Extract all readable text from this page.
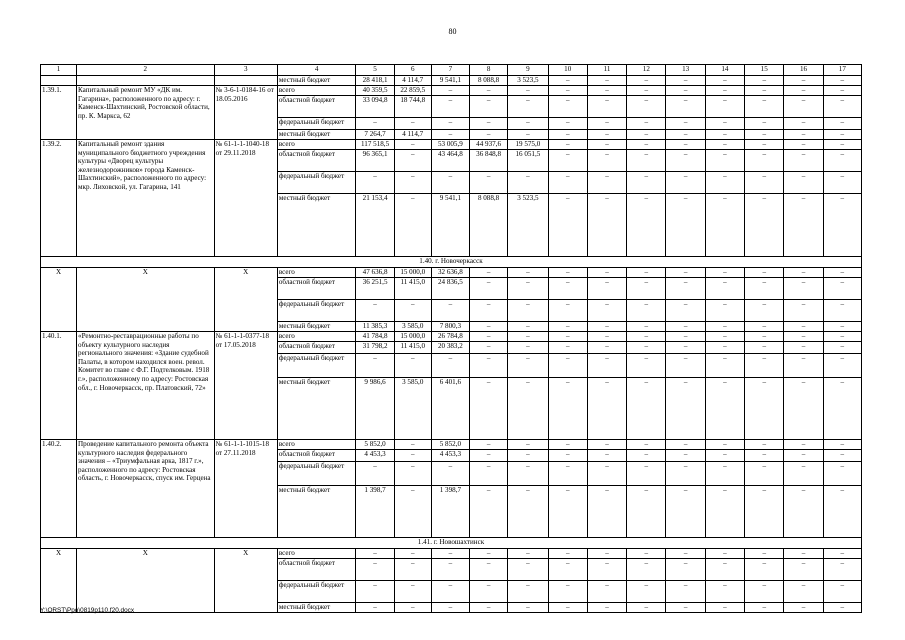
80
1	2	3	4	5	6	7	8	9	10	11	12	13	14	15	16	17
			местный бюджет	28 418,1	4 114,7	9 541,1	8 088,8	3 523,5	–	–	–	–	–	–	–	–
1.39.1.	Капитальный ремонт МУ «ДК им. Гагарина», расположенного по адресу: г. Каменск-Шахтинский, Ростовской области, пр. К. Маркса, 62	№ 3-6-1-0184-16 от 18.05.2016	всего	40 359,5	22 859,5	–	–	–	–	–	–	–	–	–	–	–
			областной бюджет	33 094,8	18 744,8	–	–	–	–	–	–	–	–	–	–	–
			федеральный бюджет	–	–	–	–	–	–	–	–	–	–	–	–	–
			местный бюджет	7 264,7	4 114,7	–	–	–	–	–	–	–	–	–	–	–
1.39.2.	Капитальный ремонт здания муниципального бюджетного учреждения культуры «Дворец культуры железнодорожников» города Каменск-Шахтинский», расположенного по адресу: мкр. Лиховской, ул. Гагарина, 141	№ 61-1-1-1040-18 от 29.11.2018	всего	117 518,5	–	53 005,9	44 937,6	19 575,0	–	–	–	–	–	–	–	–
			областной бюджет	96 365,1	–	43 464,8	36 848,8	16 051,5	–	–	–	–	–	–	–	–
			федеральный бюджет	–	–	–	–	–	–	–	–	–	–	–	–	–
			местный бюджет	21 153,4	–	9 541,1	8 088,8	3 523,5	–	–	–	–	–	–	–	–
1.40. г. Новочеркасск																
Х	Х	Х	всего	47 636,8	15 000,0	32 636,8	–	–	–	–	–	–	–	–	–	–
			областной бюджет	36 251,5	11 415,0	24 836,5	–	–	–	–	–	–	–	–	–	–
			федеральный бюджет	–	–	–	–	–	–	–	–	–	–	–	–	–
			местный бюджет	11 385,3	3 585,0	7 800,3	–	–	–	–	–	–	–	–	–	–
1.40.1.	«Ремонтно-реставрационные работы по объекту культурного наследия регионального значения: «Здание судебной Палаты, в котором находился воен. револ. Комитет во главе с Ф.Г. Подтелковым. 1918 г.», расположенному по адресу: Ростовская обл., г. Новочеркасск, пр. Платовский, 72»	№ 61-1-1-0377-18 от 17.05.2018	всего	41 784,8	15 000,0	26 784,8	–	–	–	–	–	–	–	–	–	–
			областной бюджет	31 798,2	11 415,0	20 383,2	–	–	–	–	–	–	–	–	–	–
			федеральный бюджет	–	–	–	–	–	–	–	–	–	–	–	–	–
			местный бюджет	9 986,6	3 585,0	6 401,6	–	–	–	–	–	–	–	–	–	–
1.40.2.	Проведение капитального ремонта объекта культурного наследия федерального значения – «Триумфальная арка, 1817 г.», расположенного по адресу: Ростовская область, г. Новочеркасск, спуск им. Герцена	№ 61-1-1-1015-18 от 27.11.2018	всего	5 852,0	–	5 852,0	–	–	–	–	–	–	–	–	–	–
			областной бюджет	4 453,3	–	4 453,3	–	–	–	–	–	–	–	–	–	–
			федеральный бюджет	–	–	–	–	–	–	–	–	–	–	–	–	–
			местный бюджет	1 398,7	–	1 398,7	–	–	–	–	–	–	–	–	–	–
1.41. г. Новошахтинск																
Х	Х	Х	всего	–	–	–	–	–	–	–	–	–	–	–	–	–
			областной бюджет	–	–	–	–	–	–	–	–	–	–	–	–	–
			федеральный бюджет	–	–	–	–	–	–	–	–	–	–	–	–	–
			местный бюджет	–	–	–	–	–	–	–	–	–	–	–	–	–
Y:\ORST\Ppo\0819p110.f20.docx
